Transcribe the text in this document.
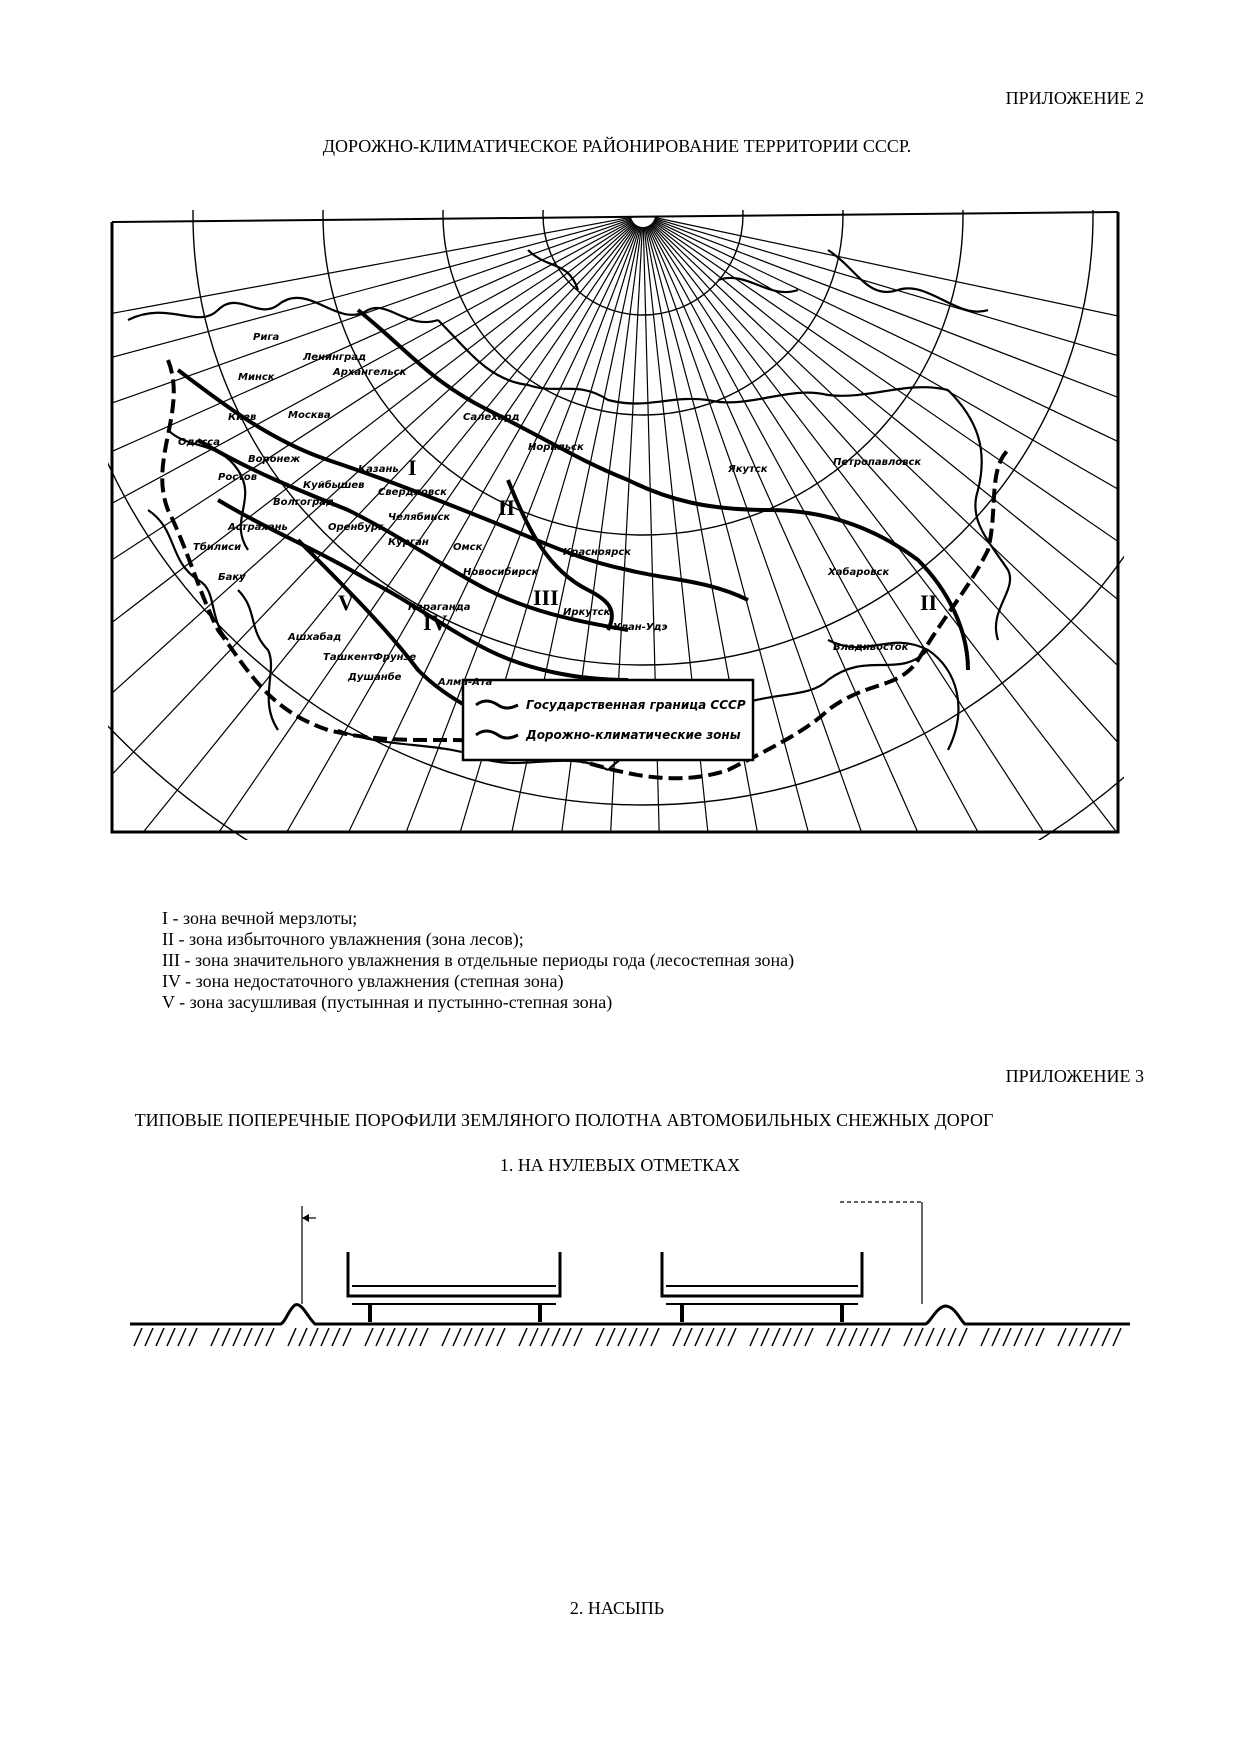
ПРИЛОЖЕНИЕ 2
ДОРОЖНО-КЛИМАТИЧЕСКОЕ РАЙОНИРОВАНИЕ ТЕРРИТОРИИ СССР.
Государственная граница СССР
Дорожно-климатические зоны
Рига
Ленинград
Минск	Архангельск
Киев	Москва
Одесса
Воронеж
Казань
Ростов
Куйбышев
Свердловск
Волгоград
Челябинск
Астрахань	Оренбург
Тбилиси
Баку
Курган Омск
Салехард
Норильск
Новосибирск
Красноярск
Иркутск
Улан-Удэ
Якутск
Петропавловск
Хабаровск
Владивосток
Караганда
Ашхабад
Ташкент Фрунзе
Алма-Ата
Душанбе
I
II
III
IV
V	II
I - зона вечной мерзлоты;
II - зона избыточного увлажнения (зона лесов);
III - зона значительного увлажнения в отдельные периоды года (лесостепная зона)
IV - зона недостаточного увлажнения (степная зона)
V - зона засушливая (пустынная и пустынно-степная зона)
ПРИЛОЖЕНИЕ 3
ТИПОВЫЕ ПОПЕРЕЧНЫЕ ПОРОФИЛИ ЗЕМЛЯНОГО ПОЛОТНА АВТОМОБИЛЬНЫХ СНЕЖНЫХ ДОРОГ
1. НА НУЛЕВЫХ ОТМЕТКАХ
2. НАСЫПЬ
